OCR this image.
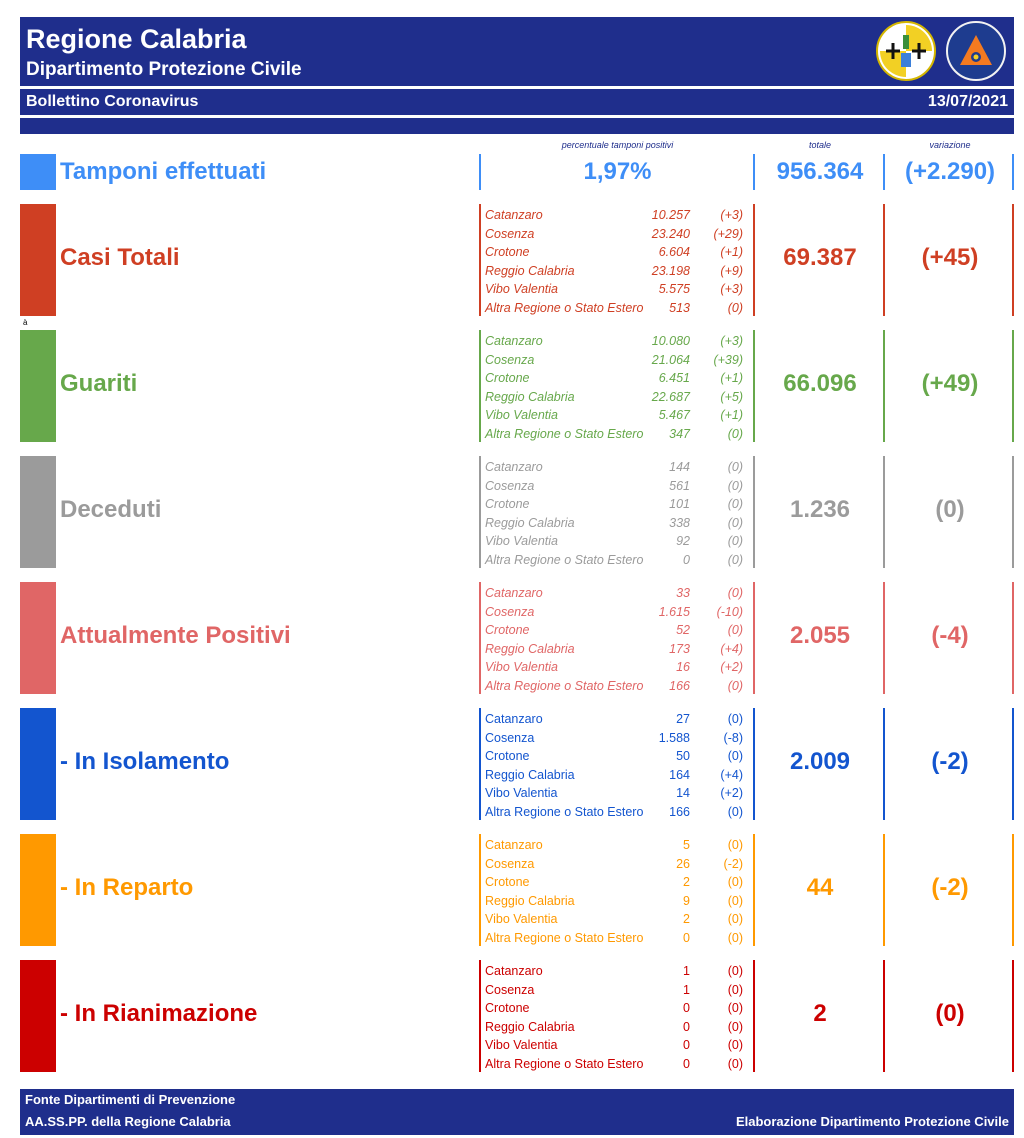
Regione Calabria
Dipartimento Protezione Civile
Bollettino Coronavirus	13/07/2021
percentuale tamponi positivi	totale	variazione
Tamponi effettuati	1,97%	956.364	(+2.290)
à
Casi Totali
Catanzaro	10.257 (+3)
Cosenza	23.240 (+29)
Crotone	6.604 (+1)
Reggio Calabria	23.198 (+9)
Vibo Valentia	5.575 (+3)
Altra Regione o Stato Estero 513	(0)
69.387	(+45)
Guariti
Catanzaro	10.080 (+3)
Cosenza	21.064 (+39)
Crotone	6.451 (+1)
Reggio Calabria	22.687 (+5)
Vibo Valentia	5.467 (+1)
Altra Regione o Stato Estero 347	(0)
66.096	(+49)
Deceduti
Catanzaro	144	(0)
Cosenza	561	(0)
Crotone	101	(0)
Reggio Calabria	338	(0)
Vibo Valentia	92	(0)
Altra Regione o Stato Estero	0	(0)
1.236	(0)
Attualmente Positivi
Catanzaro	33	(0)
Cosenza	1.615 (-10)
Crotone	52	(0)
Reggio Calabria	173 (+4)
Vibo Valentia	16 (+2)
Altra Regione o Stato Estero 166	(0)
2.055	(-4)
- In Isolamento
Catanzaro	27	(0)
Cosenza	1.588	(-8)
Crotone	50	(0)
Reggio Calabria	164 (+4)
Vibo Valentia	14 (+2)
Altra Regione o Stato Estero 166	(0)
2.009	(-2)
- In Reparto
Catanzaro	5	(0)
Cosenza	26	(-2)
Crotone	2	(0)
Reggio Calabria	9	(0)
Vibo Valentia	2	(0)
Altra Regione o Stato Estero	0	(0)
44	(-2)
- In Rianimazione
Catanzaro	1	(0)
Cosenza	1	(0)
Crotone	0	(0)
Reggio Calabria	0	(0)
Vibo Valentia	0	(0)
Altra Regione o Stato Estero	0	(0)
2	(0)
Fonte Dipartimenti di Prevenzione
AA.SS.PP. della Regione Calabria	Elaborazione Dipartimento Protezione Civile
